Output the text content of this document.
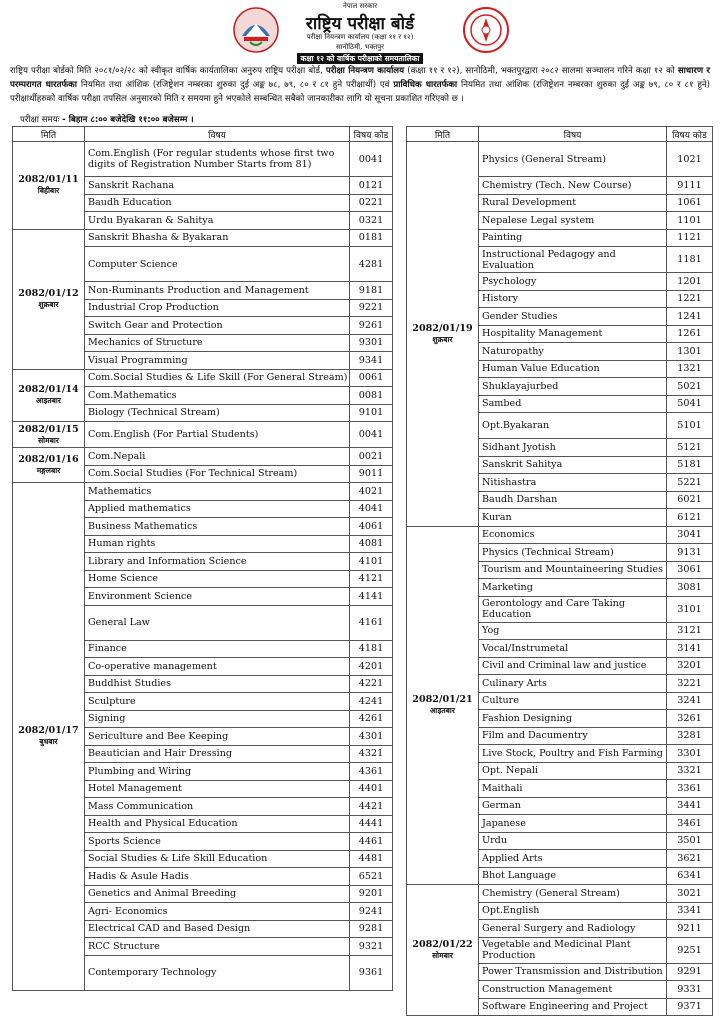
नेपाल सरकार
राष्ट्रिय परीक्षा बोर्ड
परीक्षा नियन्त्रण कार्यालय (कक्षा ११ र १२)
सानोठिमी, भक्तपुर
कक्षा १२ को वार्षिक परीक्षाको समयतालिका
राष्ट्रिय परीक्षा बोर्डको मिति २०८१/०२/२८ को स्वीकृत वार्षिक कार्यतालिका अनुरुप राष्ट्रिय परीक्षा बोर्ड, परीक्षा नियन्त्रण कार्यालय (कक्षा ११ र १२), सानोठिमी, भक्तपुरद्वारा २०८२ सालमा सञ्चालन गरिने कक्षा १२ को साधारण र परम्परागत धारतर्फका नियमित तथा आंशिक (रजिष्ट्रेशन नम्बरका शुरुका दुई अङ्क ७८, ७९, ८० र ८१ हुने परीक्षार्थी) एवं प्राविधिक धारतर्फका नियमित तथा आंशिक (रजिष्ट्रेशन नम्बरका शुरुका दुई अङ्क ७९, ८० र ८१ हुने) परीक्षार्थीहरुको वार्षिक परीक्षा तपसिल अनुसारको मिति र समयमा हुने भएकोले सम्बन्धित सबैको जानकारीका लागि यो सूचना प्रकाशित गरिएको छ ।
परीक्षा समयः - बिहान ८:०० बजेदेखि ११:०० बजेसम्म ।
मिति	विषय	विषय कोड
2082/01/11
बिहीबार	Com.English (For regular students whose first two digits of Registration Number Starts from 81)	0041
	Sanskrit Rachana	0121
	Baudh Education	0221
	Urdu Byakaran & Sahitya	0321
2082/01/12
शुक्रबार	Sanskrit Bhasha & Byakaran	0181
	Computer Science	4281
	Non-Ruminants Production and Management	9181
	Industrial Crop Production	9221
	Switch Gear and Protection	9261
	Mechanics of Structure	9301
	Visual Programming	9341
2082/01/14
आइतबार	Com.Social Studies & Life Skill (For General Stream)	0061
	Com.Mathematics	0081
	Biology (Technical Stream)	9101
2082/01/15
सोमबार	Com.English (For Partial Students)	0041
2082/01/16
मङ्गलबार	Com.Nepali	0021
	Com.Social Studies (For Technical Stream)	9011
2082/01/17
बुधबार	Mathematics	4021
	Applied mathematics	4041
	Business Mathematics	4061
	Human rights	4081
	Library and Information Science	4101
	Home Science	4121
	Environment Science	4141
	General Law	4161
	Finance	4181
	Co-operative management	4201
	Buddhist Studies	4221
	Sculpture	4241
	Signing	4261
	Sericulture and Bee Keeping	4301
	Beautician and Hair Dressing	4321
	Plumbing and Wiring	4361
	Hotel Management	4401
	Mass Communication	4421
	Health and Physical Education	4441
	Sports Science	4461
	Social Studies & Life Skill Education	4481
	Hadis & Asule Hadis	6521
	Genetics and Animal Breeding	9201
	Agri- Economics	9241
	Electrical CAD and Based Design	9281
	RCC Structure	9321
	Contemporary Technology	9361
मिति	विषय	विषय कोड
2082/01/19
शुक्रबार	Physics (General Stream)	1021
	Chemistry (Tech. New Course)	9111
	Rural Development	1061
	Nepalese Legal system	1101
	Painting	1121
	Instructional Pedagogy and Evaluation	1181
	Psychology	1201
	History	1221
	Gender Studies	1241
	Hospitality Management	1261
	Naturopathy	1301
	Human Value Education	1321
	Shuklayajurbed	5021
	Sambed	5041
	Opt.Byakaran	5101
	Sidhant Jyotish	5121
	Sanskrit Sahitya	5181
	Nitishastra	5221
	Baudh Darshan	6021
	Kuran	6121
2082/01/21
आइतबार	Economics	3041
	Physics (Technical Stream)	9131
	Tourism and Mountaineering Studies	3061
	Marketing	3081
	Gerontology and Care Taking Education	3101
	Yog	3121
	Vocal/Instrumetal	3141
	Civil and Criminal law and justice	3201
	Culinary Arts	3221
	Culture	3241
	Fashion Designing	3261
	Film and Dacumentry	3281
	Live Stock, Poultry and Fish Farming	3301
	Opt. Nepali	3321
	Maithali	3361
	German	3441
	Japanese	3461
	Urdu	3501
	Applied Arts	3621
	Bhot Language	6341
2082/01/22
सोमबार	Chemistry (General Stream)	3021
	Opt.English	3341
	General Surgery and Radiology	9211
	Vegetable and Medicinal Plant Production	9251
	Power Transmission and Distribution	9291
	Construction Management	9331
	Software Engineering and Project	9371
